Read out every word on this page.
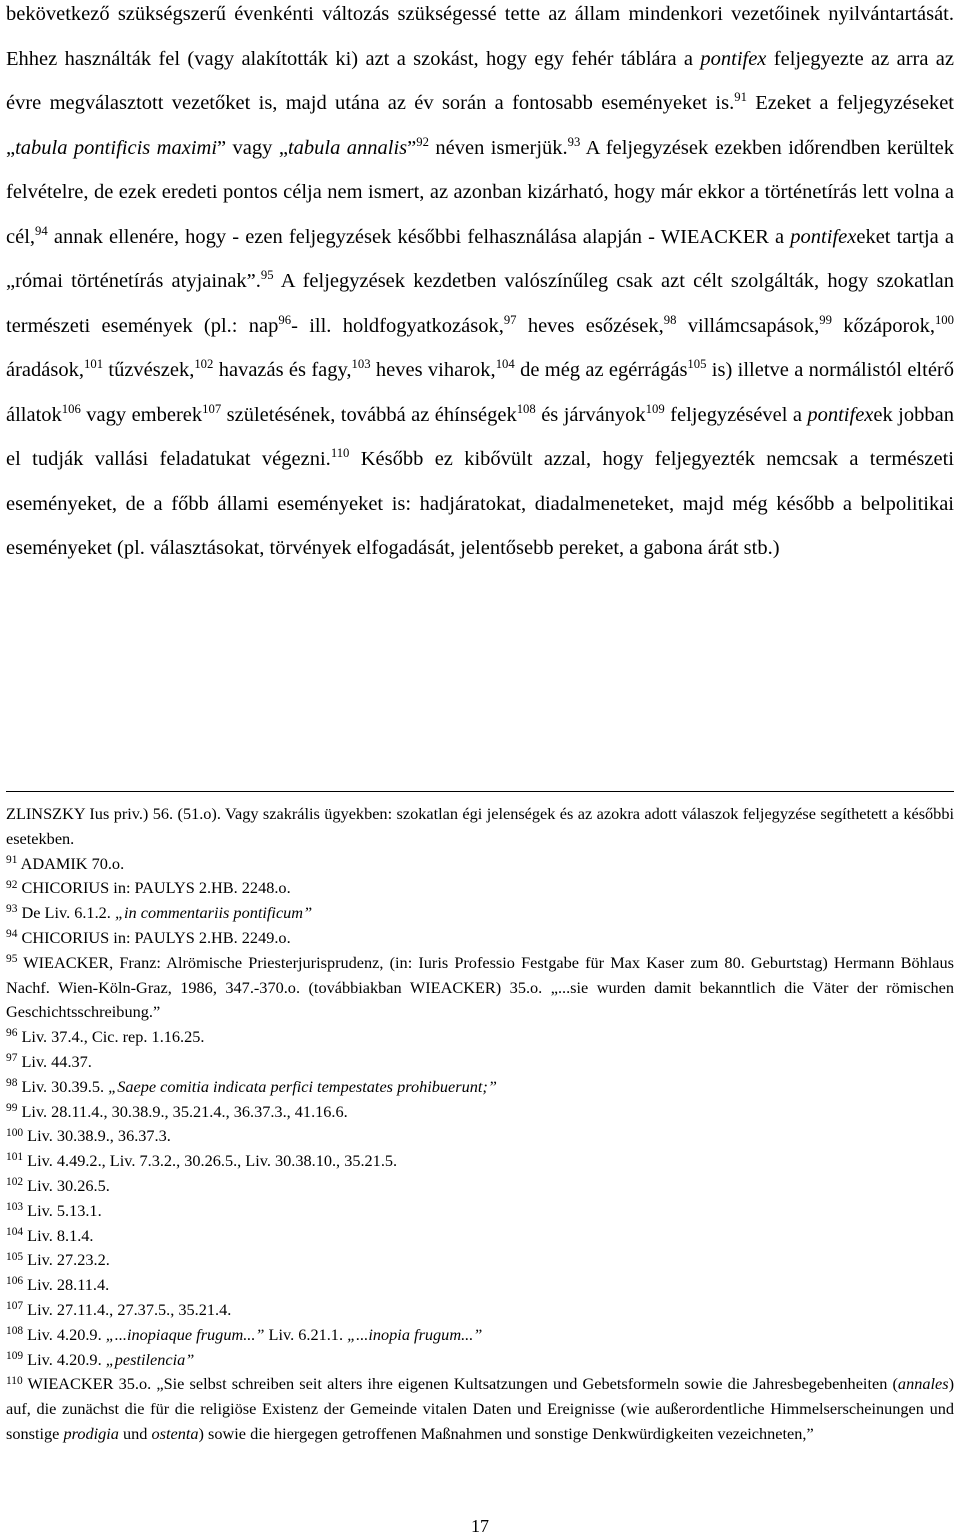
bekövetkező szükségszerű évenkénti változás szükségessé tette az állam mindenkori vezetőinek nyilvántartását. Ehhez használták fel (vagy alakították ki) azt a szokást, hogy egy fehér táblára a pontifex feljegyezte az arra az évre megválasztott vezetőket is, majd utána az év során a fontosabb eseményeket is.$^{91}$ Ezeket a feljegyzéseket „tabula pontificis maximi” vagy „tabula annalis”$^{92}$ néven ismerjük.$^{93}$ A feljegyzések ezekben időrendben kerültek felvételre, de ezek eredeti pontos célja nem ismert, az azonban kizárható, hogy már ekkor a történetírás lett volna a cél,$^{94}$ annak ellenére, hogy - ezen feljegyzések későbbi felhasználása alapján - WIEACKER a pontifexeket tartja a „római történetírás atyjainak”.$^{95}$ A feljegyzések kezdetben valószínűleg csak azt célt szolgálták, hogy szokatlan természeti események (pl.: nap$^{96}$- ill. holdfogyatkozások,$^{97}$ heves esőzések,$^{98}$ villámcsapások,$^{99}$ kőzáporok,$^{100}$ áradások,$^{101}$ tűzvészek,$^{102}$ havazás és fagy,$^{103}$ heves viharok,$^{104}$ de még az egérrágás$^{105}$ is) illetve a normálistól eltérő állatok$^{106}$ vagy emberek$^{107}$ születésének, továbbá az éhínségek$^{108}$ és járványok$^{109}$ feljegyzésével a pontifexek jobban el tudják vallási feladatukat végezni.$^{110}$ Később ez kibővült azzal, hogy feljegyezték nemcsak a természeti eseményeket, de a főbb állami eseményeket is: hadjáratokat, diadalmeneteket, majd még később a belpolitikai eseményeket (pl. választásokat, törvények elfogadását, jelentősebb pereket, a gabona árát stb.)

ZLINSZKY Ius priv.) 56. (51.o). Vagy szakrális ügyekben: szokatlan égi jelenségek és az azokra adott válaszok feljegyzése segíthetett a későbbi esetekben.

$^{91}$ ADAMIK 70.o.

$^{92}$ CHICORIUS in: PAULYS 2.HB. 2248.o.

$^{93}$ De Liv. 6.1.2. „in commentariis pontificum”

$^{94}$ CHICORIUS in: PAULYS 2.HB. 2249.o.

$^{95}$ WIEACKER, Franz: Alrömische Priesterjurisprudenz, (in: Iuris Professio Festgabe für Max Kaser zum 80. Geburtstag) Hermann Böhlaus Nachf. Wien-Köln-Graz, 1986, 347.-370.o. (továbbiakban WIEACKER) 35.o. „...sie wurden damit bekanntlich die Väter der römischen Geschichtsschreibung.”

$^{96}$ Liv. 37.4., Cic. rep. 1.16.25.

$^{97}$ Liv. 44.37.

$^{98}$ Liv. 30.39.5. „Saepe comitia indicata perfici tempestates prohibuerunt;”

$^{99}$ Liv. 28.11.4., 30.38.9., 35.21.4., 36.37.3., 41.16.6.

$^{100}$ Liv. 30.38.9., 36.37.3.

$^{101}$ Liv. 4.49.2., Liv. 7.3.2., 30.26.5., Liv. 30.38.10., 35.21.5.

$^{102}$ Liv. 30.26.5.

$^{103}$ Liv. 5.13.1.

$^{104}$ Liv. 8.1.4.

$^{105}$ Liv. 27.23.2.

$^{106}$ Liv. 28.11.4.

$^{107}$ Liv. 27.11.4., 27.37.5., 35.21.4.

$^{108}$ Liv. 4.20.9. „...inopiaque frugum...” Liv. 6.21.1. „...inopia frugum...”

$^{109}$ Liv. 4.20.9. „pestilencia”

$^{110}$ WIEACKER 35.o. „Sie selbst schreiben seit alters ihre eigenen Kultsatzungen und Gebetsformeln sowie die Jahresbegebenheiten (annales) auf, die zunächst die für die religiöse Existenz der Gemeinde vitalen Daten und Ereignisse (wie außerordentliche Himmelserscheinungen und sonstige prodigia und ostenta) sowie die hiergegen getroffenen Maßnahmen und sonstige Denkwürdigkeiten vezeichneten,”

17
